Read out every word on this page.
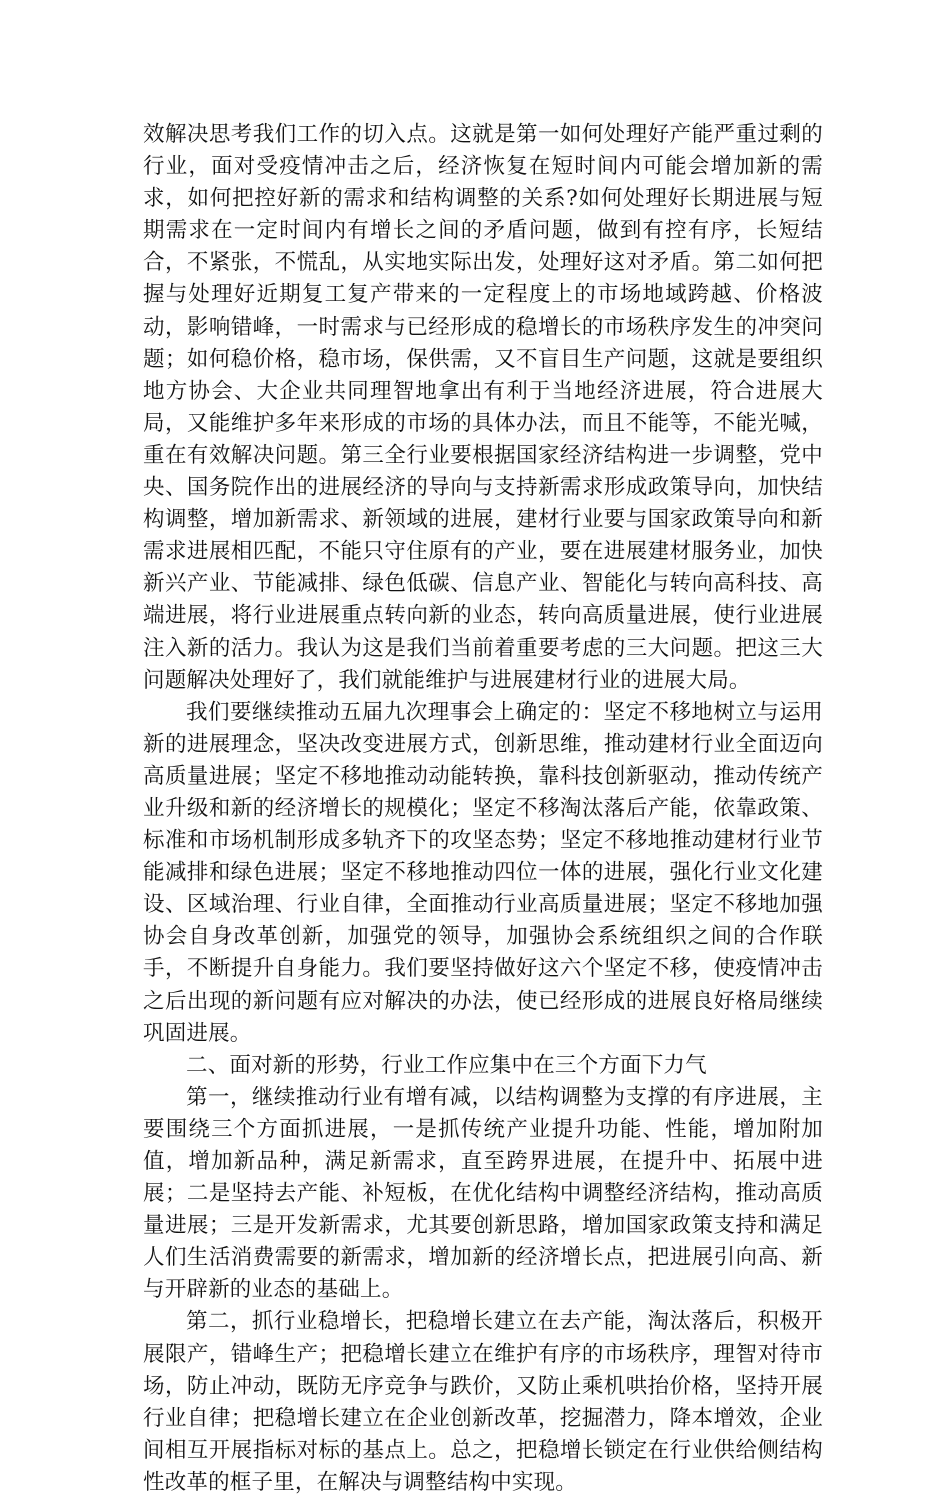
效解决思考我们工作的切入点。这就是第一如何处理好产能严重过剩的行业，面对受疫情冲击之后，经济恢复在短时间内可能会增加新的需求，如何把控好新的需求和结构调整的关系?如何处理好长期进展与短期需求在一定时间内有增长之间的矛盾问题，做到有控有序，长短结合，不紧张，不慌乱，从实地实际出发，处理好这对矛盾。第二如何把握与处理好近期复工复产带来的一定程度上的市场地域跨越、价格波动，影响错峰，一时需求与已经形成的稳增长的市场秩序发生的冲突问题；如何稳价格，稳市场，保供需，又不盲目生产问题，这就是要组织地方协会、大企业共同理智地拿出有利于当地经济进展，符合进展大局，又能维护多年来形成的市场的具体办法，而且不能等，不能光喊，重在有效解决问题。第三全行业要根据国家经济结构进一步调整，党中央、国务院作出的进展经济的导向与支持新需求形成政策导向，加快结构调整，增加新需求、新领域的进展，建材行业要与国家政策导向和新需求进展相匹配，不能只守住原有的产业，要在进展建材服务业，加快新兴产业、节能减排、绿色低碳、信息产业、智能化与转向高科技、高端进展，将行业进展重点转向新的业态，转向高质量进展，使行业进展注入新的活力。我认为这是我们当前着重要考虑的三大问题。把这三大问题解决处理好了，我们就能维护与进展建材行业的进展大局。

我们要继续推动五届九次理事会上确定的：坚定不移地树立与运用新的进展理念，坚决改变进展方式，创新思维，推动建材行业全面迈向高质量进展；坚定不移地推动动能转换，靠科技创新驱动，推动传统产业升级和新的经济增长的规模化；坚定不移淘汰落后产能，依靠政策、标准和市场机制形成多轨齐下的攻坚态势；坚定不移地推动建材行业节能减排和绿色进展；坚定不移地推动四位一体的进展，强化行业文化建设、区域治理、行业自律，全面推动行业高质量进展；坚定不移地加强协会自身改革创新，加强党的领导，加强协会系统组织之间的合作联手，不断提升自身能力。我们要坚持做好这六个坚定不移，使疫情冲击之后出现的新问题有应对解决的办法，使已经形成的进展良好格局继续巩固进展。

二、面对新的形势，行业工作应集中在三个方面下力气

第一，继续推动行业有增有减，以结构调整为支撑的有序进展，主要围绕三个方面抓进展，一是抓传统产业提升功能、性能，增加附加值，增加新品种，满足新需求，直至跨界进展，在提升中、拓展中进展；二是坚持去产能、补短板，在优化结构中调整经济结构，推动高质量进展；三是开发新需求，尤其要创新思路，增加国家政策支持和满足人们生活消费需要的新需求，增加新的经济增长点，把进展引向高、新与开辟新的业态的基础上。

第二，抓行业稳增长，把稳增长建立在去产能，淘汰落后，积极开展限产，错峰生产；把稳增长建立在维护有序的市场秩序，理智对待市场，防止冲动，既防无序竞争与跌价，又防止乘机哄抬价格，坚持开展行业自律；把稳增长建立在企业创新改革，挖掘潜力，降本增效，企业间相互开展指标对标的基点上。总之，把稳增长锁定在行业供给侧结构性改革的框子里，在解决与调整结构中实现。
